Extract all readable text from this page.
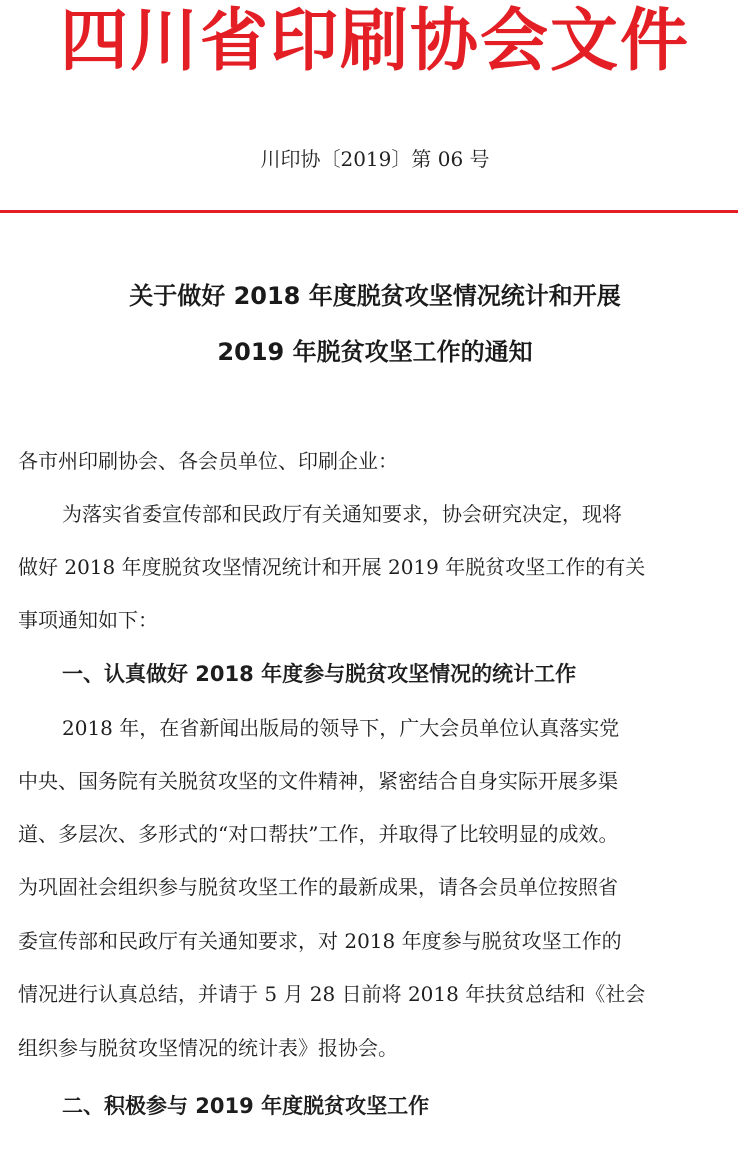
四川省印刷协会文件
川印协〔2019〕第 06 号
关于做好 2018 年度脱贫攻坚情况统计和开展
2019 年脱贫攻坚工作的通知
各市州印刷协会、各会员单位、印刷企业：
为落实省委宣传部和民政厅有关通知要求，协会研究决定，现将
做好 2018 年度脱贫攻坚情况统计和开展 2019 年脱贫攻坚工作的有关
事项通知如下：
一、认真做好 2018 年度参与脱贫攻坚情况的统计工作
2018 年，在省新闻出版局的领导下，广大会员单位认真落实党
中央、国务院有关脱贫攻坚的文件精神，紧密结合自身实际开展多渠
道、多层次、多形式的“对口帮扶”工作，并取得了比较明显的成效。
为巩固社会组织参与脱贫攻坚工作的最新成果，请各会员单位按照省
委宣传部和民政厅有关通知要求，对 2018 年度参与脱贫攻坚工作的
情况进行认真总结，并请于 5 月 28 日前将 2018 年扶贫总结和《社会
组织参与脱贫攻坚情况的统计表》报协会。
二、积极参与 2019 年度脱贫攻坚工作
